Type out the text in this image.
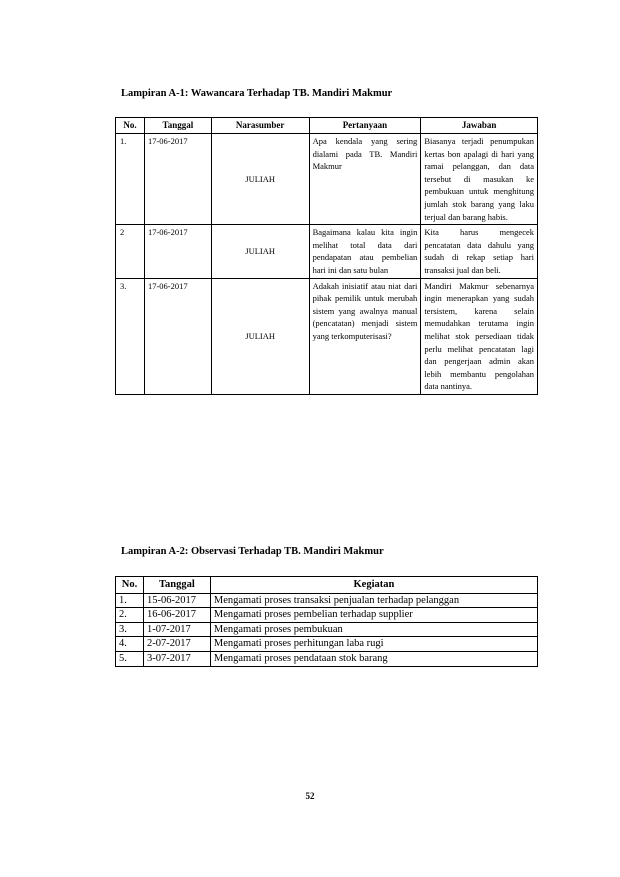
Lampiran A-1: Wawancara Terhadap TB. Mandiri Makmur
No.	Tanggal	Narasumber	Pertanyaan	Jawaban
1.	17-06-2017	JULIAH	Apa kendala yang sering dialami pada TB. Mandiri Makmur	Biasanya terjadi penumpukan kertas bon apalagi di hari yang ramai pelanggan, dan data tersebut di masukan ke pembukuan untuk menghitung jumlah stok barang yang laku terjual dan barang habis.
2	17-06-2017	JULIAH	Bagaimana kalau kita ingin melihat total data dari pendapatan atau pembelian hari ini dan satu bulan	Kita harus mengecek pencatatan data dahulu yang sudah di rekap setiap hari transaksi jual dan beli.
3.	17-06-2017	JULIAH	Adakah inisiatif atau niat dari pihak pemilik untuk merubah sistem yang awalnya manual (pencatatan) menjadi sistem yang terkomputerisasi?	Mandiri Makmur sebenarnya ingin menerapkan yang sudah tersistem, karena selain memudahkan terutama ingin melihat stok persediaan tidak perlu melihat pencatatan lagi dan pengerjaan admin akan lebih membantu pengolahan data nantinya.
Lampiran A-2: Observasi Terhadap TB. Mandiri Makmur
No.	Tanggal	Kegiatan
1.	15-06-2017	Mengamati proses transaksi penjualan terhadap pelanggan
2.	16-06-2017	Mengamati proses pembelian terhadap supplier
3.	1-07-2017	Mengamati proses pembukuan
4.	2-07-2017	Mengamati proses perhitungan laba rugi
5.	3-07-2017	Mengamati proses pendataan stok barang
52
